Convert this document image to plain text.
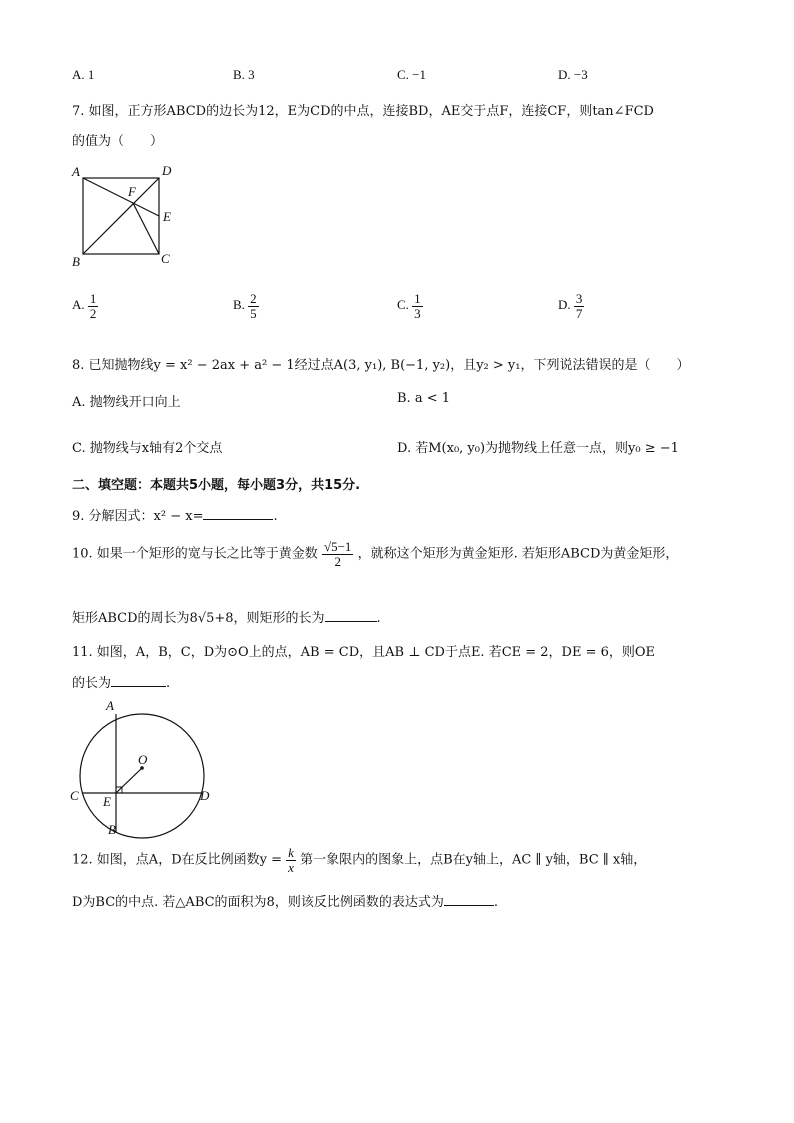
A. 1	B. 3	C. −1	D. −3
7. 如图，正方形ABCD的边长为12，E为CD的中点，连接BD，AE交于点F，连接CF，则tan∠FCD
的值为（　　）
A	D
F
E
B	C
A. $\frac{1}{2}$	B. $\frac{2}{5}$	C. $\frac{1}{3}$	D. $\frac{3}{7}$
8. 已知抛物线y = x² − 2ax + a² − 1经过点A(3, y₁), B(−1, y₂)，且y₂ > y₁，下列说法错误的是（　　）
A. 抛物线开口向上	B. a < 1
C. 抛物线与x轴有2个交点	D. 若M(x₀, y₀)为抛物线上任意一点，则y₀ ≥ −1
二、填空题：本题共5小题，每小题3分，共15分.
9. 分解因式：x² − x=	.
10. 如果一个矩形的宽与长之比等于黄金数 $\frac{√5-1}{2}$ ，就称这个矩形为黄金矩形. 若矩形ABCD为黄金矩形，
矩形ABCD的周长为8√5+8，则矩形的长为	.
11. 如图，A，B，C，D为⊙O上的点，AB = CD，且AB ⊥ CD于点E. 若CE = 2，DE = 6，则OE
的长为	.
A
O
C E	D
B
12. 如图，点A，D在反比例函数$y = \frac{k}{x}$ 第一象限内的图象上，点B在y轴上，AC ∥ y轴，BC ∥ x轴，
D为BC的中点. 若△ABC的面积为8，则该反比例函数的表达式为	.
